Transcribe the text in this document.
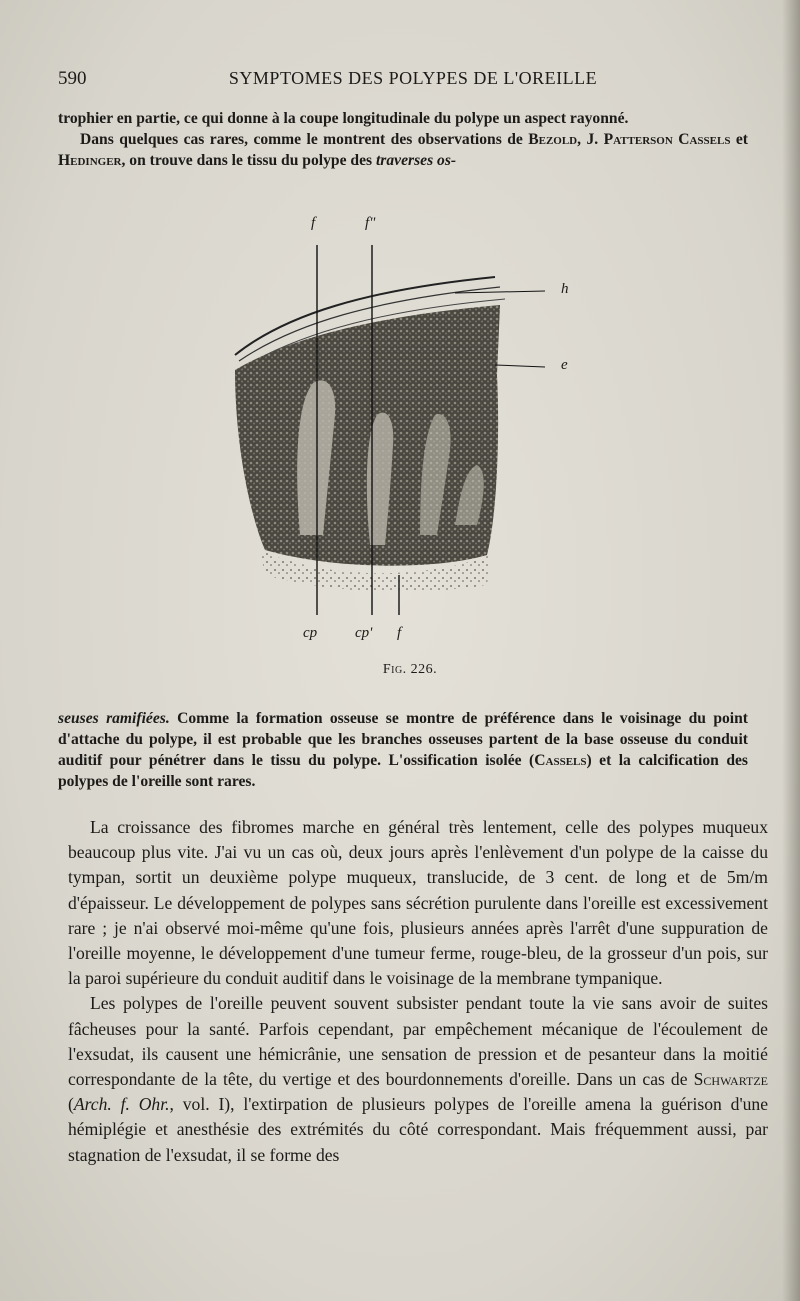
590	SYMPTOMES DES POLYPES DE L'OREILLE

trophier en partie, ce qui donne à la coupe longitudinale du polype un aspect rayonné.

Dans quelques cas rares, comme le montrent des observations de Bezold, J. Patterson Cassels et Hedinger, on trouve dans le tissu du polype des traverses os-

f	f"
h
e
cp	cp' f
Fig. 226.

seuses ramifiées. Comme la formation osseuse se montre de préférence dans le voisinage du point d'attache du polype, il est probable que les branches osseuses partent de la base osseuse du conduit auditif pour pénétrer dans le tissu du polype. L'ossification isolée (Cassels) et la calcification des polypes de l'oreille sont rares.

La croissance des fibromes marche en général très lentement, celle des polypes muqueux beaucoup plus vite. J'ai vu un cas où, deux jours après l'enlèvement d'un polype de la caisse du tympan, sortit un deuxième polype muqueux, translucide, de 3 cent. de long et de 5m/m d'épaisseur. Le développement de polypes sans sécrétion purulente dans l'oreille est excessivement rare ; je n'ai observé moi-même qu'une fois, plusieurs années après l'arrêt d'une suppuration de l'oreille moyenne, le développement d'une tumeur ferme, rouge-bleu, de la grosseur d'un pois, sur la paroi supérieure du conduit auditif dans le voisinage de la membrane tympanique.

Les polypes de l'oreille peuvent souvent subsister pendant toute la vie sans avoir de suites fâcheuses pour la santé. Parfois cependant, par empêchement mécanique de l'écoulement de l'exsudat, ils causent une hémicrânie, une sensation de pression et de pesanteur dans la moitié correspondante de la tête, du vertige et des bourdonnements d'oreille. Dans un cas de Schwartze (Arch. f. Ohr., vol. I), l'extirpation de plusieurs polypes de l'oreille amena la guérison d'une hémiplégie et anesthésie des extrémités du côté correspondant. Mais fréquemment aussi, par stagnation de l'exsudat, il se forme des
